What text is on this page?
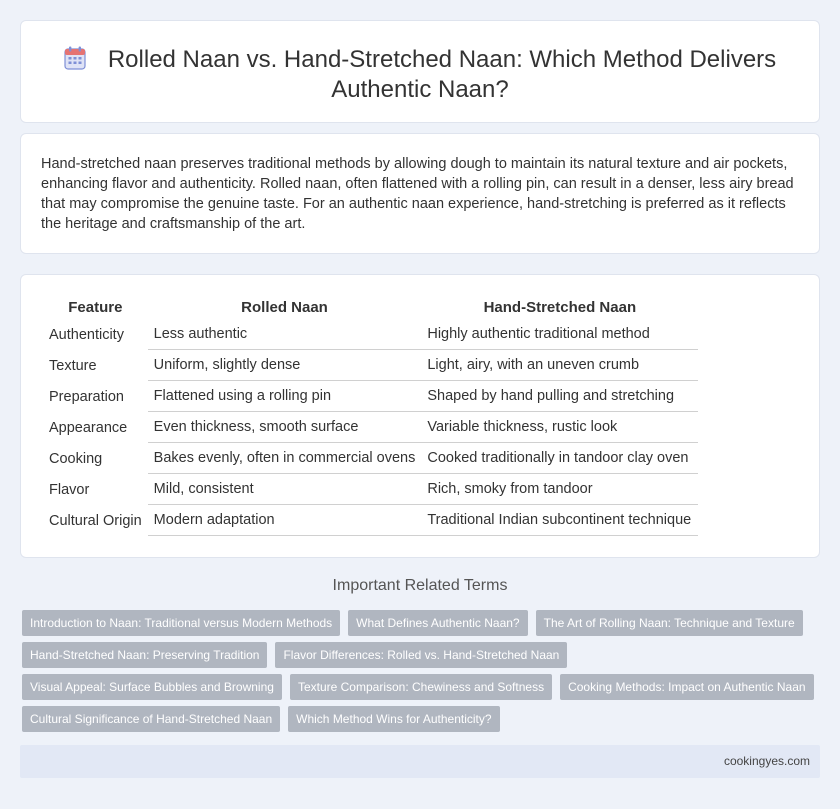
Rolled Naan vs. Hand-Stretched Naan: Which Method Delivers Authentic Naan?

Hand-stretched naan preserves traditional methods by allowing dough to maintain its natural texture and air pockets, enhancing flavor and authenticity. Rolled naan, often flattened with a rolling pin, can result in a denser, less airy bread that may compromise the genuine taste. For an authentic naan experience, hand-stretching is preferred as it reflects the heritage and craftsmanship of the art.

Feature	Rolled Naan	Hand-Stretched Naan
Authenticity	Less authentic	Highly authentic traditional method
Texture	Uniform, slightly dense	Light, airy, with an uneven crumb
Preparation	Flattened using a rolling pin	Shaped by hand pulling and stretching
Appearance	Even thickness, smooth surface	Variable thickness, rustic look
Cooking	Bakes evenly, often in commercial ovens	Cooked traditionally in tandoor clay oven
Flavor	Mild, consistent	Rich, smoky from tandoor
Cultural Origin	Modern adaptation	Traditional Indian subcontinent technique
Important Related Terms
Introduction to Naan: Traditional versus Modern Methods	What Defines Authentic Naan?	The Art of Rolling Naan: Technique and Texture
Hand-Stretched Naan: Preserving Tradition	Flavor Differences: Rolled vs. Hand-Stretched Naan
Visual Appeal: Surface Bubbles and Browning	Texture Comparison: Chewiness and Softness	Cooking Methods: Impact on Authentic Naan
Cultural Significance of Hand-Stretched Naan	Which Method Wins for Authenticity?
cookingyes.com
